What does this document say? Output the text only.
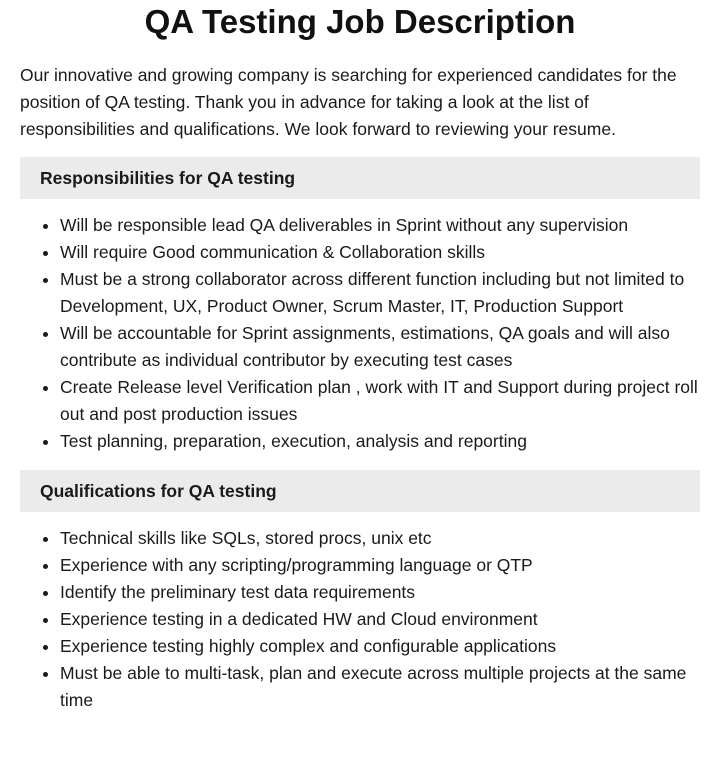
QA Testing Job Description

Our innovative and growing company is searching for experienced candidates for the position of QA testing. Thank you in advance for taking a look at the list of responsibilities and qualifications. We look forward to reviewing your resume.

Responsibilities for QA testing
• Will be responsible lead QA deliverables in Sprint without any supervision
• Will require Good communication & Collaboration skills
• Must be a strong collaborator across different function including but not limited to Development, UX, Product Owner, Scrum Master, IT, Production Support
• Will be accountable for Sprint assignments, estimations, QA goals and will also contribute as individual contributor by executing test cases
• Create Release level Verification plan , work with IT and Support during project roll out and post production issues
• Test planning, preparation, execution, analysis and reporting
Qualifications for QA testing
• Technical skills like SQLs, stored procs, unix etc
• Experience with any scripting/programming language or QTP
• Identify the preliminary test data requirements
• Experience testing in a dedicated HW and Cloud environment
• Experience testing highly complex and configurable applications
• Must be able to multi-task, plan and execute across multiple projects at the same time
